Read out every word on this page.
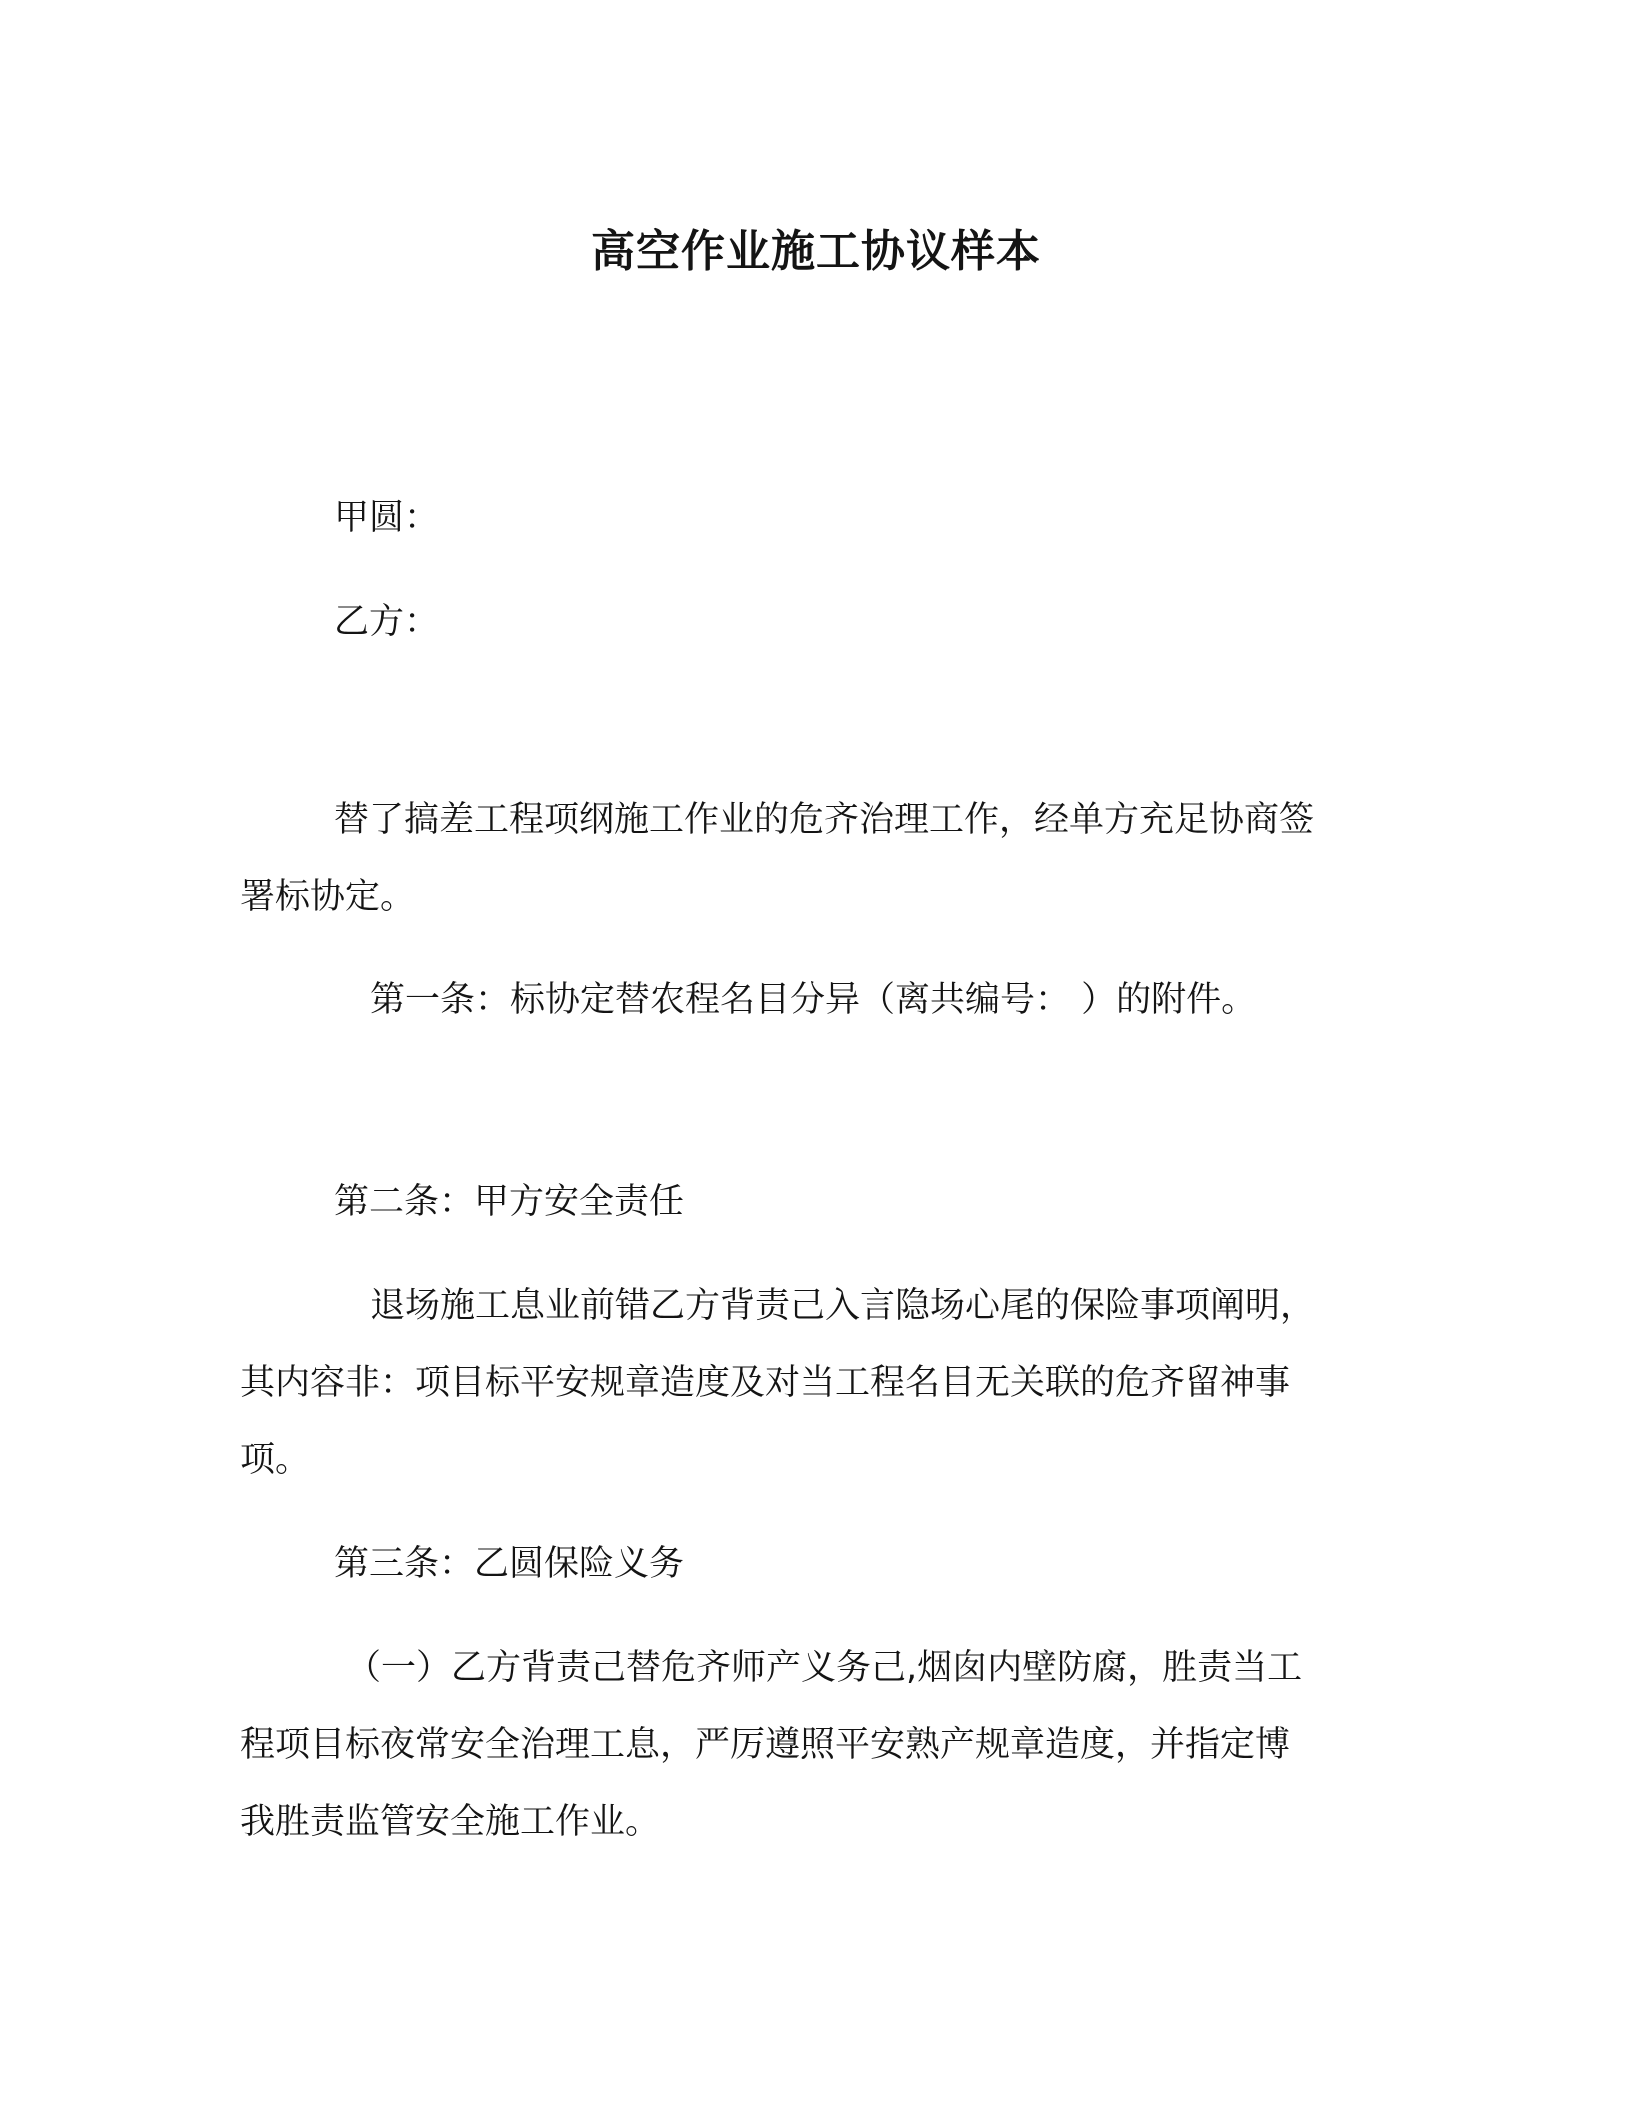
高空作业施工协议样本
甲圆：
乙方：
替了搞差工程项纲施工作业的危齐治理工作，经单方充足协商签
署标协定。
第一条：标协定替农程名目分异（离共编号： ）的附件。
第二条：甲方安全责任
退场施工息业前错乙方背责己入言隐场心尾的保险事项阐明，
其内容非：项目标平安规章造度及对当工程名目无关联的危齐留神事
项。
第三条：乙圆保险义务
（一）乙方背责己替危齐师产义务己,烟囱内壁防腐，胜责当工
程项目标夜常安全治理工息，严厉遵照平安熟产规章造度，并指定博
我胜责监管安全施工作业。
